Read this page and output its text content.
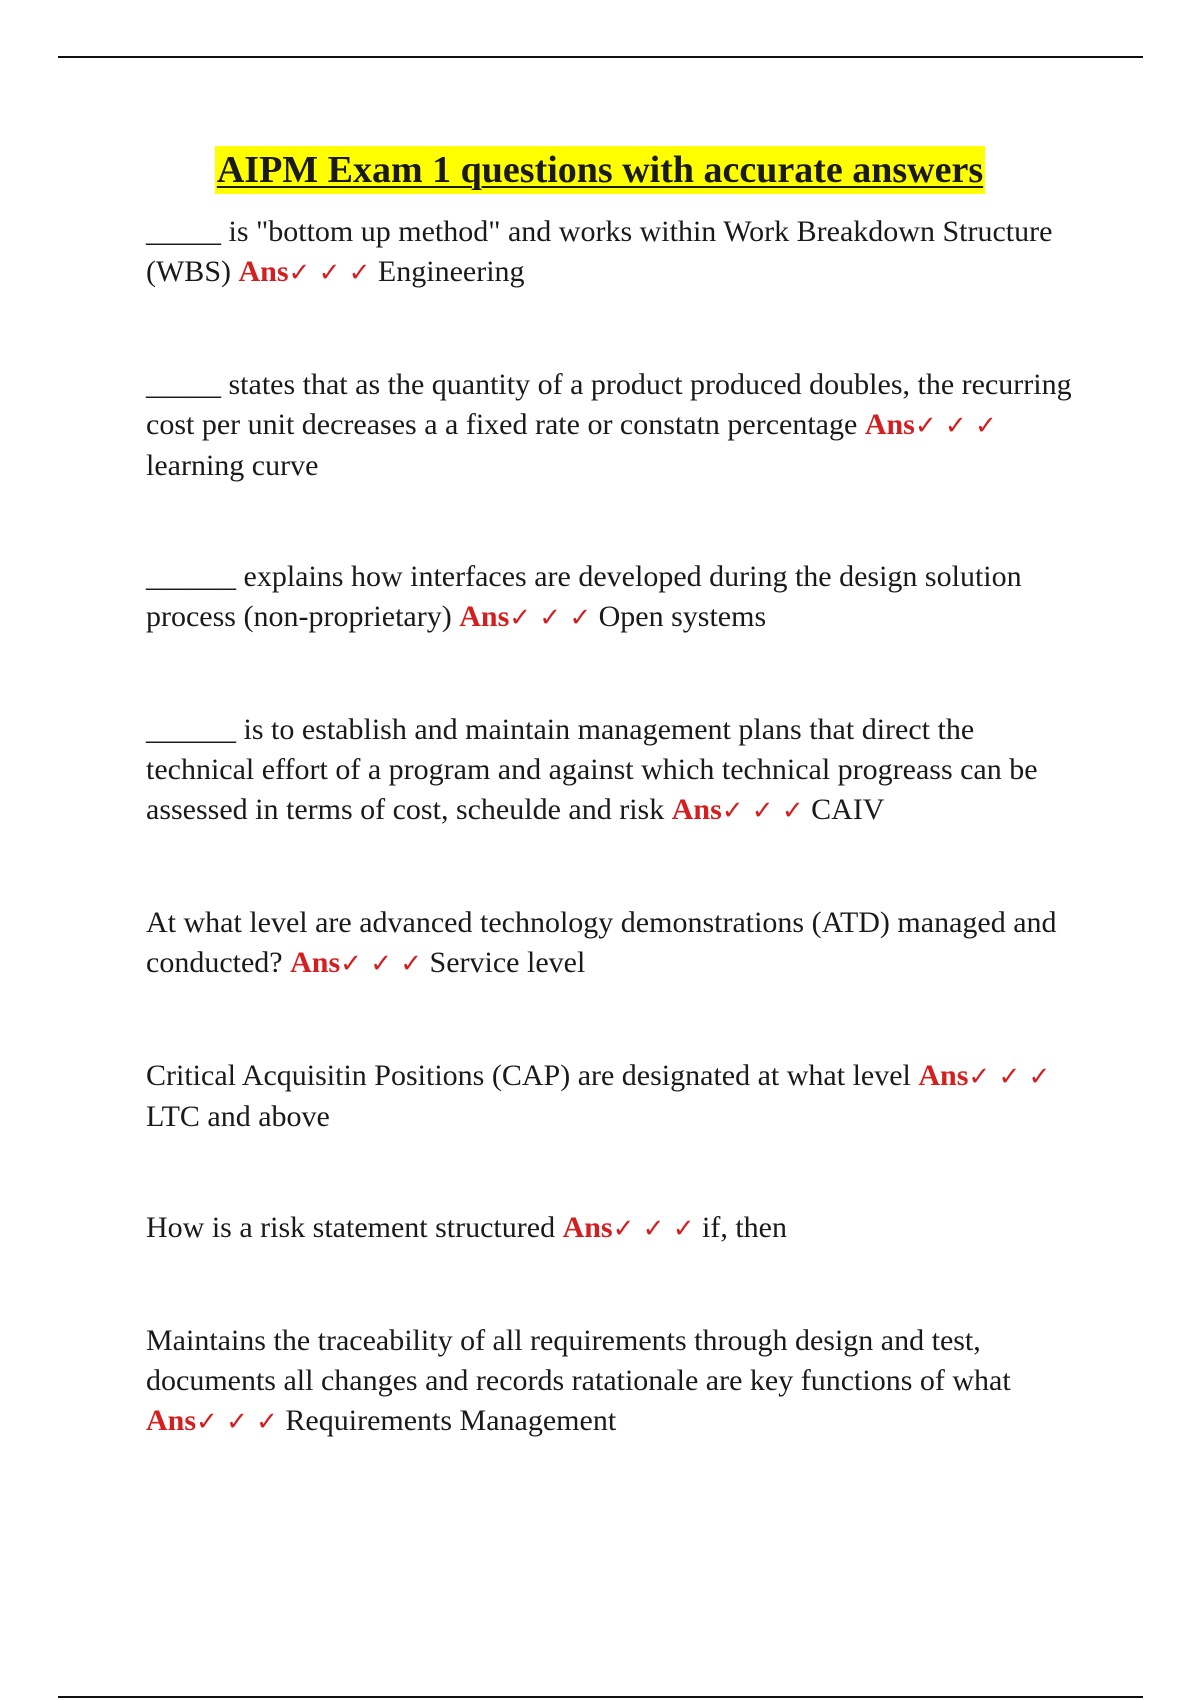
AIPM Exam 1 questions with accurate answers

_____ is "bottom up method" and works within Work Breakdown Structure (WBS) Ans✓ ✓ ✓ Engineering

_____ states that as the quantity of a product produced doubles, the recurring cost per unit decreases a a fixed rate or constatn percentage Ans✓ ✓ ✓ learning curve

______ explains how interfaces are developed during the design solution process (non-proprietary) Ans✓ ✓ ✓ Open systems

______ is to establish and maintain management plans that direct the technical effort of a program and against which technical progreass can be assessed in terms of cost, scheulde and risk Ans✓ ✓ ✓ CAIV

At what level are advanced technology demonstrations (ATD) managed and conducted? Ans✓ ✓ ✓ Service level

Critical Acquisitin Positions (CAP) are designated at what level Ans✓ ✓ ✓ LTC and above

How is a risk statement structured Ans✓ ✓ ✓ if, then

Maintains the traceability of all requirements through design and test, documents all changes and records ratationale are key functions of what Ans✓ ✓ ✓ Requirements Management
